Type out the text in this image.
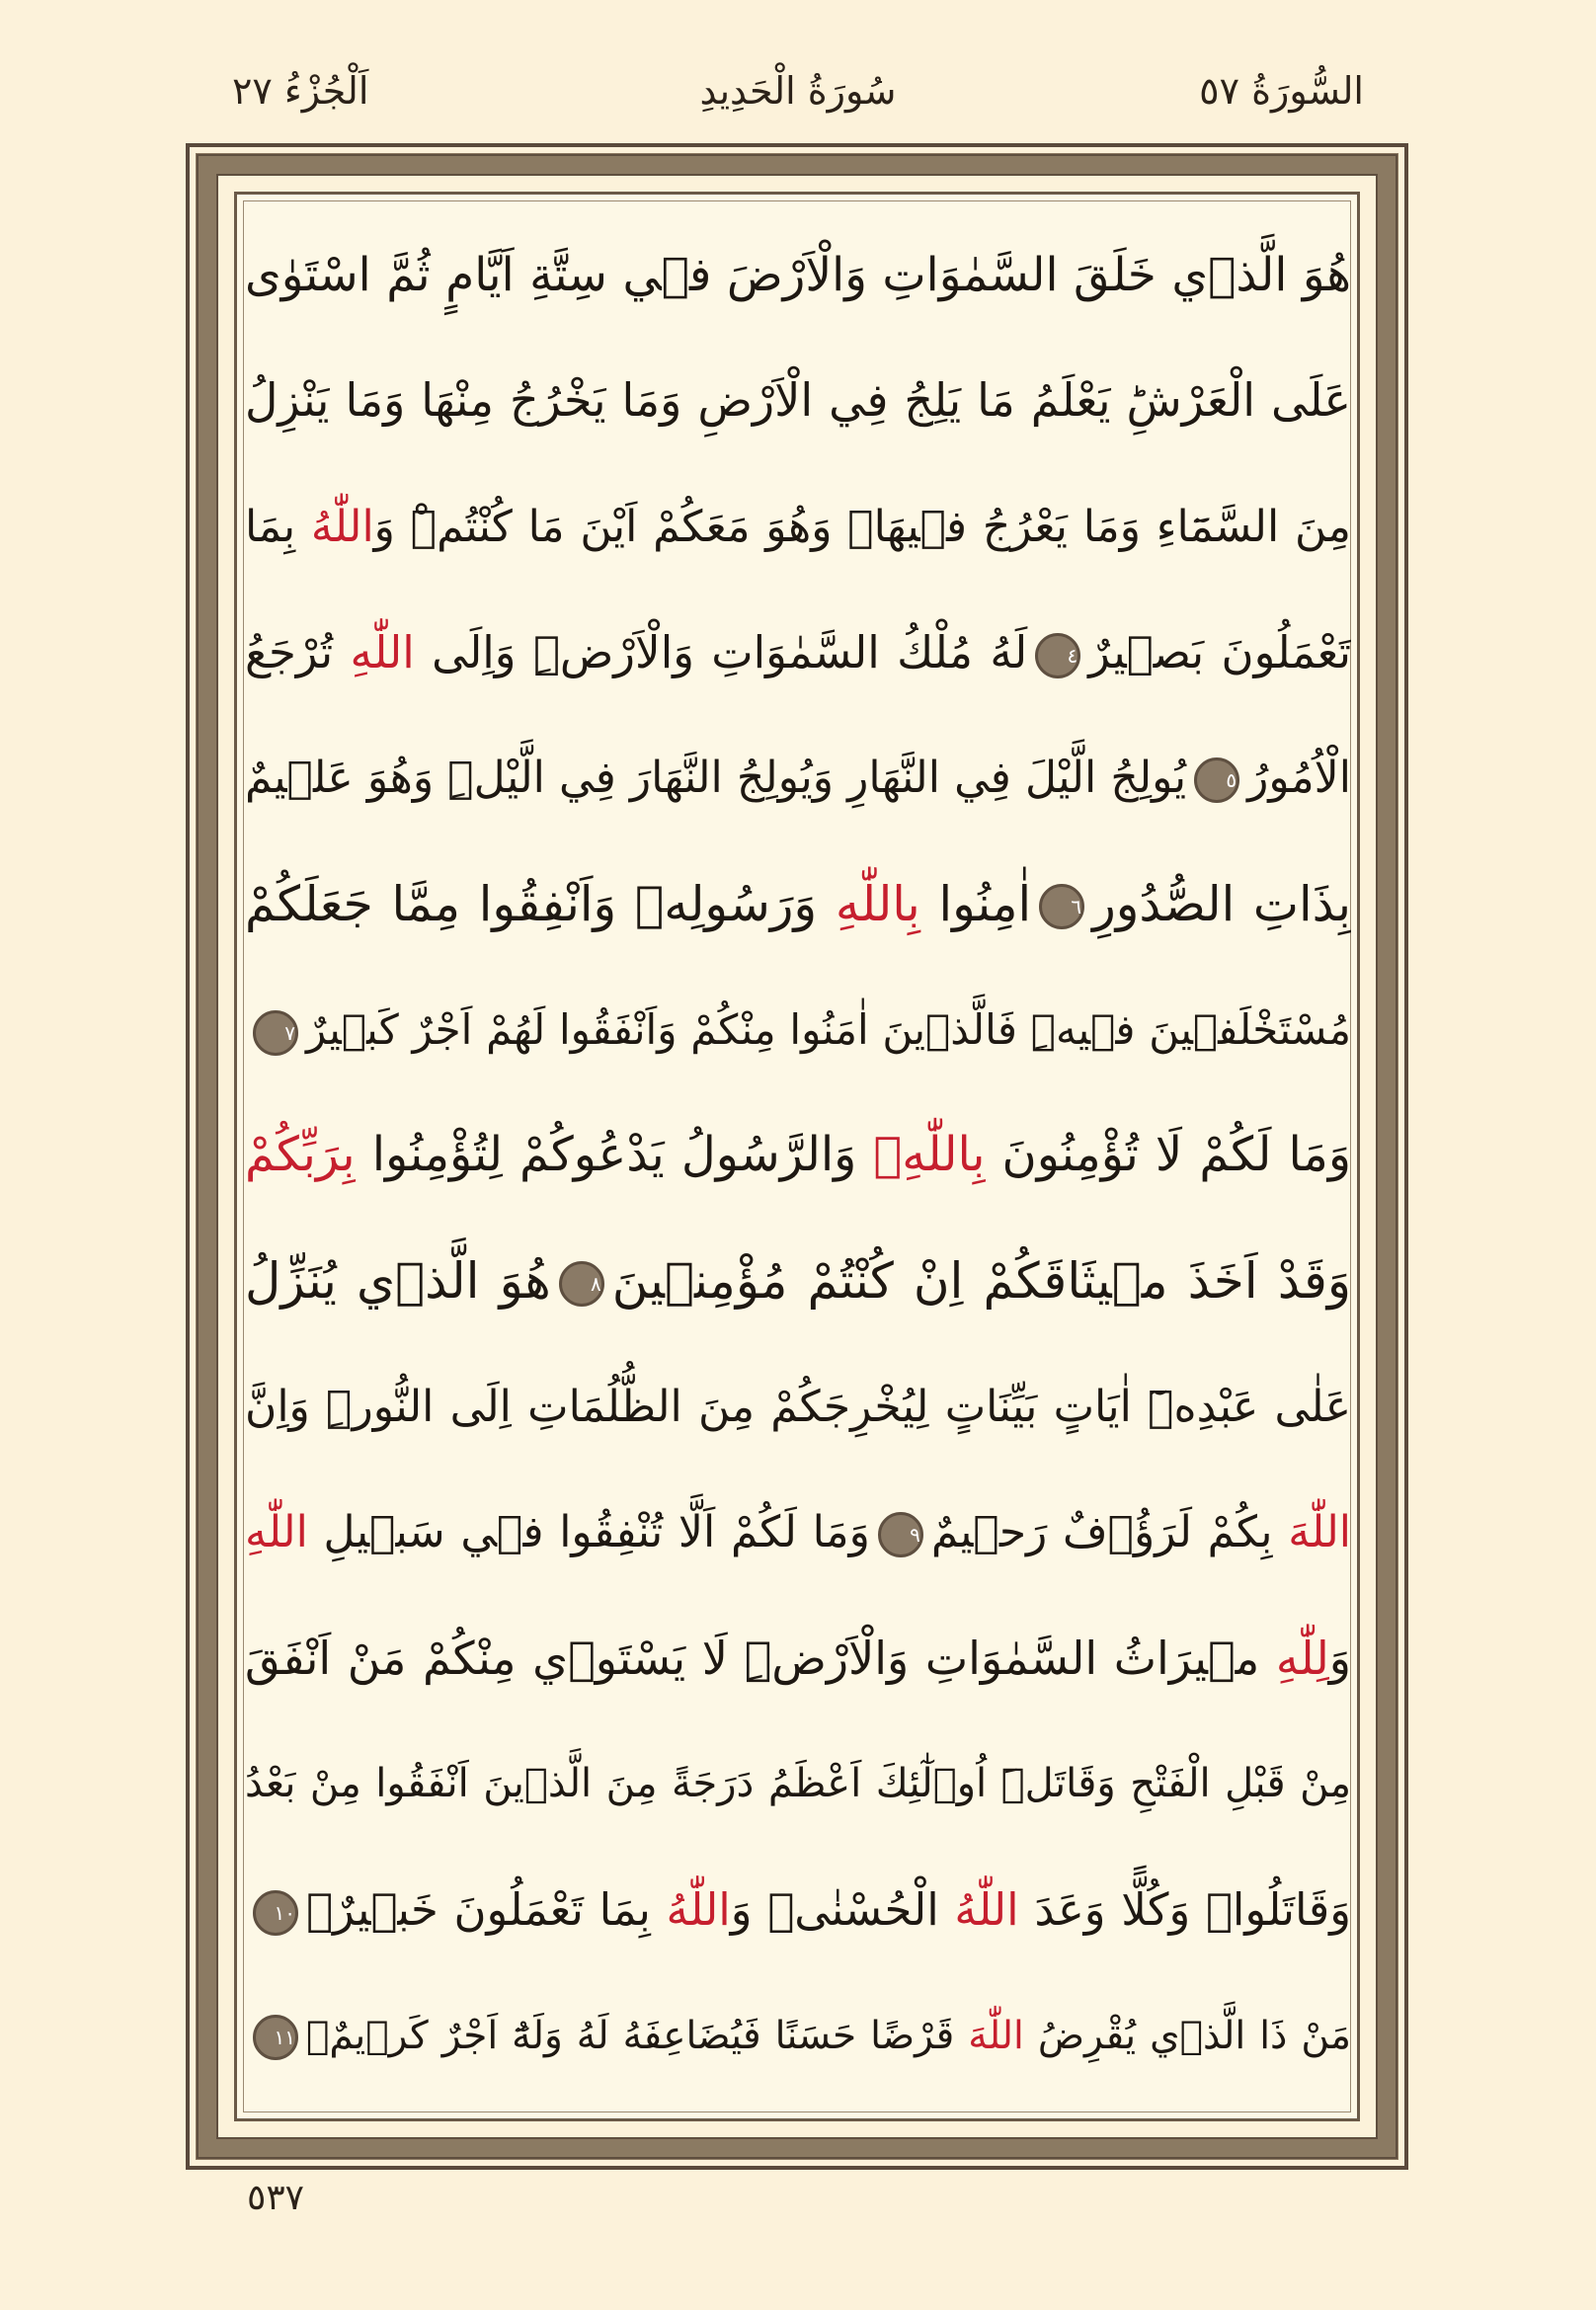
السُّورَةُ ٥٧
سُورَةُ الْحَدِيدِ
اَلْجُزْءُ ٢٧
هُوَ الَّذ۪ي خَلَقَ السَّمٰوَاتِ وَالْاَرْضَ ف۪ي سِتَّةِ اَيَّامٍ ثُمَّ اسْتَوٰى
عَلَى الْعَرْشِؕ يَعْلَمُ مَا يَلِجُ فِي الْاَرْضِ وَمَا يَخْرُجُ مِنْهَا وَمَا يَنْزِلُ
مِنَ السَّمَٓاءِ وَمَا يَعْرُجُ ف۪يهَاۜ وَهُوَ مَعَكُمْ اَيْنَ مَا كُنْتُمْۜ وَاللّٰهُ بِمَا
تَعْمَلُونَ بَص۪يرٌ٤لَهُ مُلْكُ السَّمٰوَاتِ وَالْاَرْضِۜ وَاِلَى اللّٰهِ تُرْجَعُ
الْاُمُورُ٥يُولِجُ الَّيْلَ فِي النَّهَارِ وَيُولِجُ النَّهَارَ فِي الَّيْلِۜ وَهُوَ عَل۪يمٌ
بِذَاتِ الصُّدُورِ٦اٰمِنُوا بِاللّٰهِ وَرَسُولِه۪ وَاَنْفِقُوا مِمَّا جَعَلَكُمْ
مُسْتَخْلَف۪ينَ ف۪يهِۜ فَالَّذ۪ينَ اٰمَنُوا مِنْكُمْ وَاَنْفَقُوا لَهُمْ اَجْرٌ كَب۪يرٌ٧
وَمَا لَكُمْ لَا تُؤْمِنُونَ بِاللّٰهِۚ وَالرَّسُولُ يَدْعُوكُمْ لِتُؤْمِنُوا بِرَبِّكُمْ
وَقَدْ اَخَذَ م۪يثَاقَكُمْ اِنْ كُنْتُمْ مُؤْمِن۪ينَ٨هُوَ الَّذ۪ي يُنَزِّلُ
عَلٰى عَبْدِه۪ٓ اٰيَاتٍ بَيِّنَاتٍ لِيُخْرِجَكُمْ مِنَ الظُّلُمَاتِ اِلَى النُّورِۜ وَاِنَّ
اللّٰهَ بِكُمْ لَرَؤُ۫فٌ رَح۪يمٌ٩وَمَا لَكُمْ اَلَّا تُنْفِقُوا ف۪ي سَب۪يلِ اللّٰهِ
وَلِلّٰهِ م۪يرَاثُ السَّمٰوَاتِ وَالْاَرْضِۜ لَا يَسْتَو۪ي مِنْكُمْ مَنْ اَنْفَقَ
مِنْ قَبْلِ الْفَتْحِ وَقَاتَلَۜ اُو۬لٰٓئِكَ اَعْظَمُ دَرَجَةً مِنَ الَّذ۪ينَ اَنْفَقُوا مِنْ بَعْدُ
وَقَاتَلُواۜ وَكُلًّا وَعَدَ اللّٰهُ الْحُسْنٰىۜ وَاللّٰهُ بِمَا تَعْمَلُونَ خَب۪يرٌ۟١٠
مَنْ ذَا الَّذ۪ي يُقْرِضُ اللّٰهَ قَرْضًا حَسَنًا فَيُضَاعِفَهُ لَهُ وَلَهُٓ اَجْرٌ كَر۪يمٌ۟١١
٥٣٧
